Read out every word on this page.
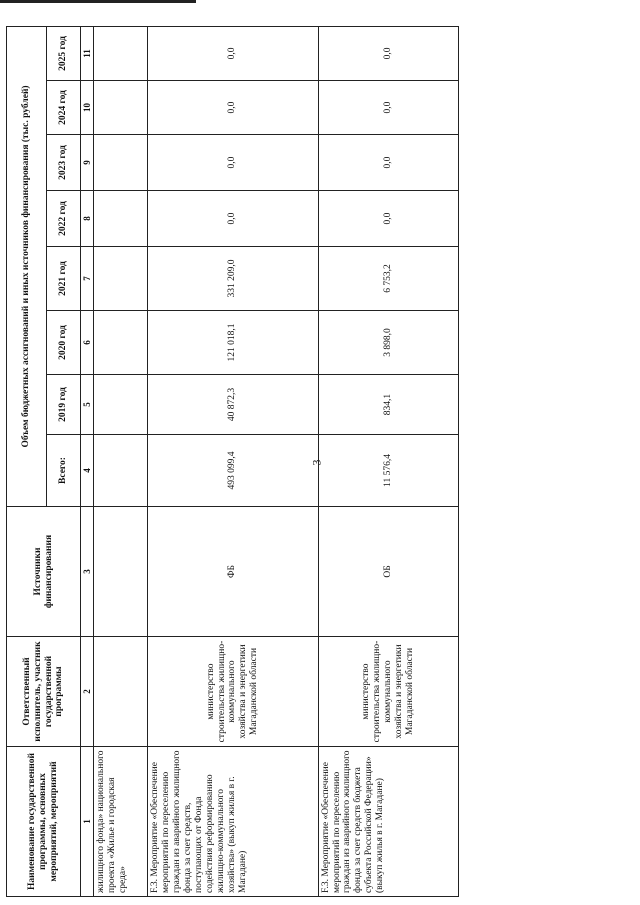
3
Наименование государственной программы, основных мероприятий, мероприятий	Ответственный исполнитель, участник государственной программы	Источники финансирования	Объем бюджетных ассигнований и иных источников финансирования (тыс. рублей)							
			Всего:	2019 год	2020 год	2021 год	2022 год	2023 год	2024 год	2025 год
1	2	3	4	5	6	7	8	9	10	11
жилищного фонда» национального проекта «Жилье и городская среда»										
F.3. Мероприятие «Обеспечение мероприятий по переселению граждан из аварийного жилищного фонда за счет средств, поступающих от Фонда содействия реформированию жилищно-коммунального хозяйства» (выкуп жилья в г. Магадане)	министерство строительства жилищно-коммунального хозяйства и энергетики Магаданской области	ФБ	493 099,4	40 872,3	121 018,1	331 209,0	0,0	0,0	0,0	0,0
F.3. Мероприятие «Обеспечение мероприятий по переселению граждан из аварийного жилищного фонда за счет средств бюджета субъекта Российской Федерации» (выкуп жилья в г. Магадане)	министерство строительства жилищно-коммунального хозяйства и энергетики Магаданской области	ОБ	11 576,4	834,1	3 898,0	6 753,2	0,0	0,0	0,0	0,0
